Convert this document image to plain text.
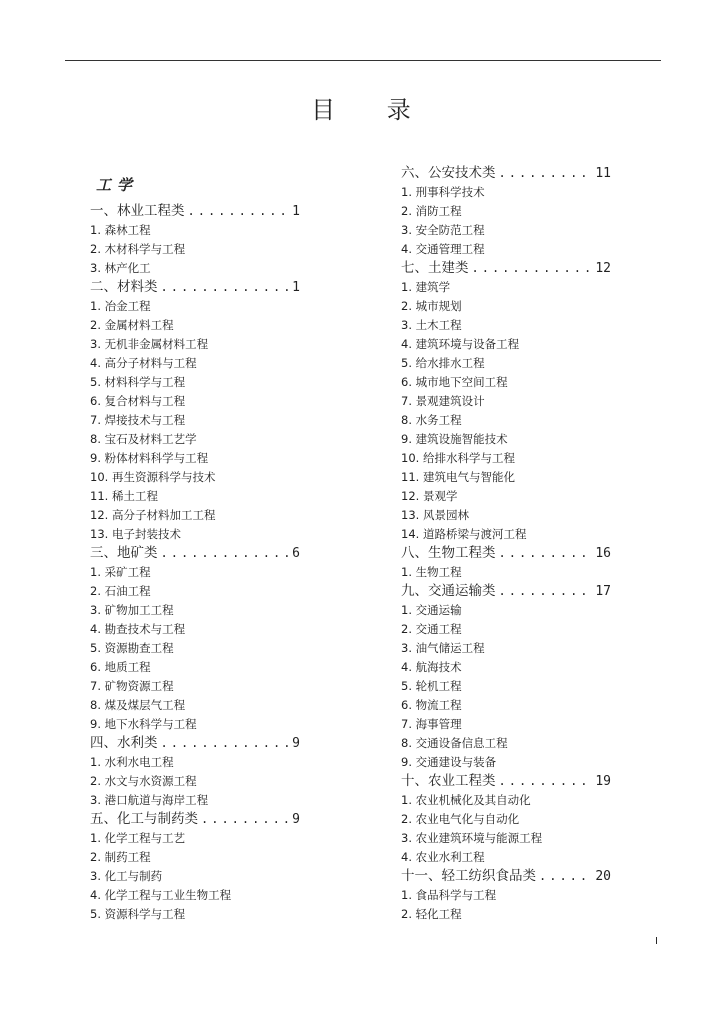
目 录
工学
一、林业工程类 .....	1
1. 森林工程
2. 木材科学与工程
3. 林产化工
二、材料类 .....	1
1. 冶金工程
2. 金属材料工程
3. 无机非金属材料工程
4. 高分子材料与工程
5. 材料科学与工程
6. 复合材料与工程
7. 焊接技术与工程
8. 宝石及材料工艺学
9. 粉体材料科学与工程
10. 再生资源科学与技术
11. 稀土工程
12. 高分子材料加工工程
13. 电子封装技术
三、地矿类 .....	6
1. 采矿工程
2. 石油工程
3. 矿物加工工程
4. 勘查技术与工程
5. 资源勘查工程
6. 地质工程
7. 矿物资源工程
8. 煤及煤层气工程
9. 地下水科学与工程
四、水利类 .....	9
1. 水利水电工程
2. 水文与水资源工程
3. 港口航道与海岸工程
五、化工与制药类 .....	9
1. 化学工程与工艺
2. 制药工程
3. 化工与制药
4. 化学工程与工业生物工程
5. 资源科学与工程
六、公安技术类 .....	11
1. 刑事科学技术
2. 消防工程
3. 安全防范工程
4. 交通管理工程
七、土建类 .....	12
1. 建筑学
2. 城市规划
3. 土木工程
4. 建筑环境与设备工程
5. 给水排水工程
6. 城市地下空间工程
7. 景观建筑设计
8. 水务工程
9. 建筑设施智能技术
10. 给排水科学与工程
11. 建筑电气与智能化
12. 景观学
13. 风景园林
14. 道路桥梁与渡河工程
八、生物工程类 .....	16
1. 生物工程
九、交通运输类 .....	17
1. 交通运输
2. 交通工程
3. 油气储运工程
4. 航海技术
5. 轮机工程
6. 物流工程
7. 海事管理
8. 交通设备信息工程
9. 交通建设与装备
十、农业工程类 .....	19
1. 农业机械化及其自动化
2. 农业电气化与自动化
3. 农业建筑环境与能源工程
4. 农业水利工程
十一、轻工纺织食品类 .....	20
1. 食品科学与工程
2. 轻化工程
I
